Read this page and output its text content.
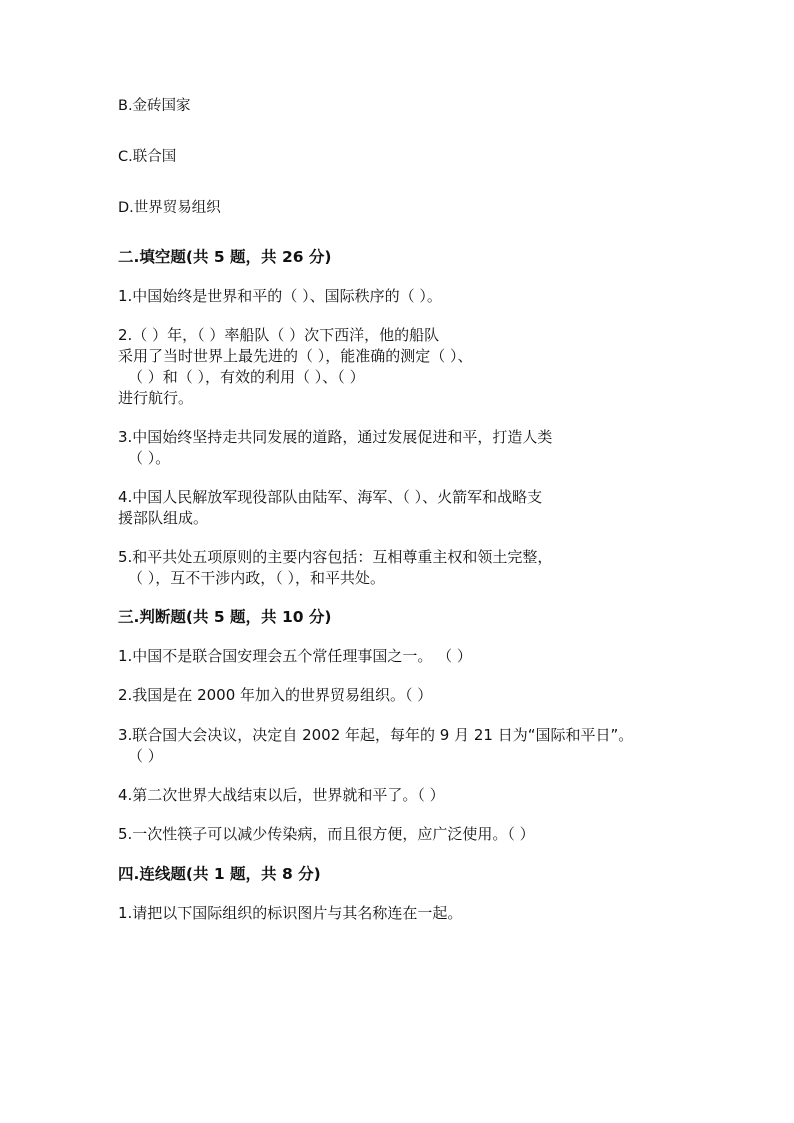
B.金砖国家
C.联合国
D.世界贸易组织
二.填空题(共 5 题，共 26 分)
1.中国始终是世界和平的（ ）、国际秩序的（ ）。
2.（ ）年，（ ）率船队（ ）次下西洋，他的船队
采用了当时世界上最先进的（ ），能准确的测定（ ）、
（ ）和（ ），有效的利用（ ）、（ ）
进行航行。
3.中国始终坚持走共同发展的道路，通过发展促进和平，打造人类
（ ）。
4.中国人民解放军现役部队由陆军、海军、（ ）、火箭军和战略支
援部队组成。
5.和平共处五项原则的主要内容包括：互相尊重主权和领土完整，
（ ），互不干涉内政，（ ），和平共处。
三.判断题(共 5 题，共 10 分)
1.中国不是联合国安理会五个常任理事国之一。 （ ）
2.我国是在 2000 年加入的世界贸易组织。（ ）
3.联合国大会决议，决定自 2002 年起，每年的 9 月 21 日为“国际和平日”。
（ ）
4.第二次世界大战结束以后，世界就和平了。（ ）
5.一次性筷子可以减少传染病，而且很方便，应广泛使用。（ ）
四.连线题(共 1 题，共 8 分)
1.请把以下国际组织的标识图片与其名称连在一起。
